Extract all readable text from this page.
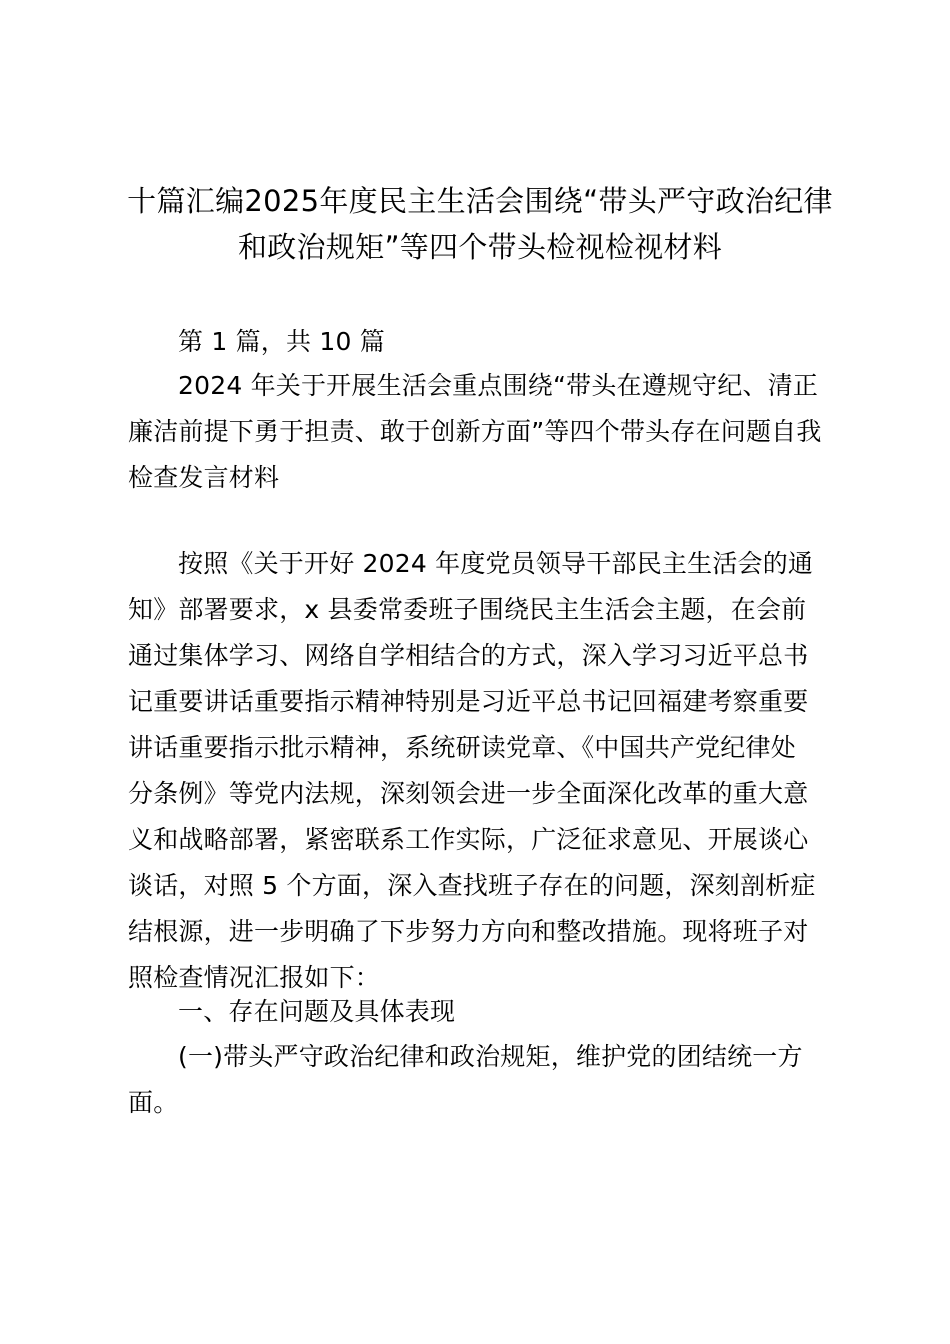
十篇汇编2025年度民主生活会围绕“带头严守政治纪律
和政治规矩”等四个带头检视检视材料
第 1 篇，共 10 篇
2024 年关于开展生活会重点围绕“带头在遵规守纪、清正
廉洁前提下勇于担责、敢于创新方面”等四个带头存在问题自我
检查发言材料
按照《关于开好 2024 年度党员领导干部民主生活会的通
知》部署要求，x 县委常委班子围绕民主生活会主题，在会前
通过集体学习、网络自学相结合的方式，深入学习习近平总书
记重要讲话重要指示精神特别是习近平总书记回福建考察重要
讲话重要指示批示精神，系统研读党章、《中国共产党纪律处
分条例》等党内法规，深刻领会进一步全面深化改革的重大意
义和战略部署，紧密联系工作实际，广泛征求意见、开展谈心
谈话，对照 5 个方面，深入查找班子存在的问题，深刻剖析症
结根源，进一步明确了下步努力方向和整改措施。现将班子对
照检查情况汇报如下：
一、存在问题及具体表现
(一)带头严守政治纪律和政治规矩，维护党的团结统一方
面。
